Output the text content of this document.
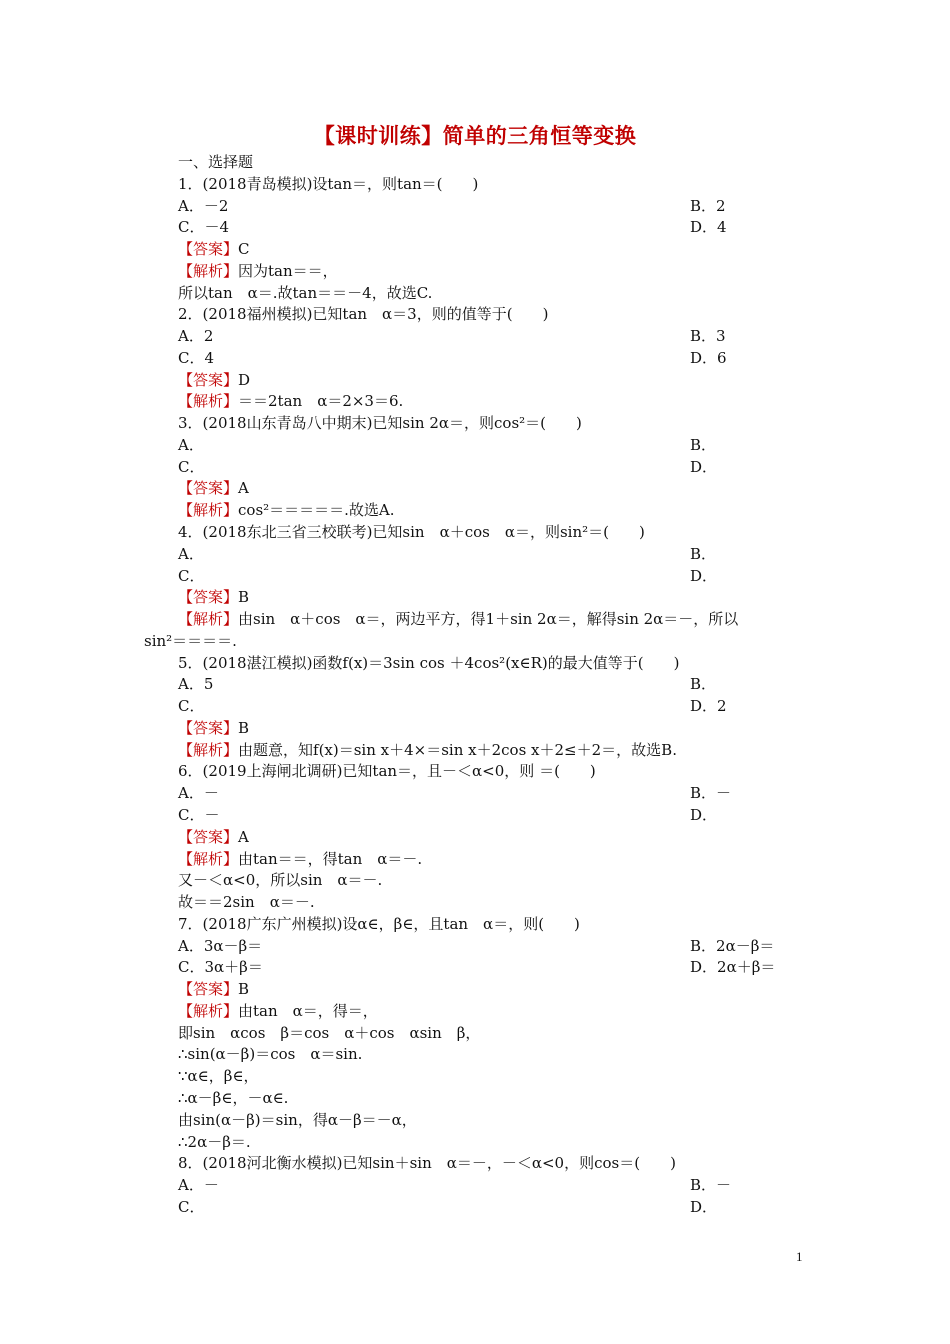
【课时训练】简单的三角恒等变换
一、选择题
1．(2018青岛模拟)设tan＝，则tan＝(　　)
A．－2	B．2
C．－4	D．4
【答案】C
【解析】因为tan＝＝，
所以tan　α＝.故tan＝＝－4，故选C.
2．(2018福州模拟)已知tan　α＝3，则的值等于(　　)
A．2	B．3
C．4	D．6
【答案】D
【解析】＝＝2tan　α＝2×3＝6.
3．(2018山东青岛八中期末)已知sin 2α＝，则cos²＝(　　)
A．	B．
C．	D．
【答案】A
【解析】cos²＝＝＝＝＝.故选A.
4．(2018东北三省三校联考)已知sin　α＋cos　α＝，则sin²＝(　　)
A．	B．
C．	D．
【答案】B
【解析】由sin　α＋cos　α＝，两边平方，得1＋sin 2α＝，解得sin 2α＝－，所以
sin²＝＝＝＝.
5．(2018湛江模拟)函数f(x)＝3sin cos ＋4cos²(x∈R)的最大值等于(　　)
A．5	B．
C．	D．2
【答案】B
【解析】由题意，知f(x)＝sin x＋4×＝sin x＋2cos x＋2≤＋2＝，故选B.
6．(2019上海闸北调研)已知tan＝，且－＜α<0，则 ＝(　　)
A．－	B．－
C．－	D．
【答案】A
【解析】由tan＝＝，得tan　α＝－.
又－＜α<0，所以sin　α＝－.
故＝＝2sin　α＝－.
7．(2018广东广州模拟)设α∈，β∈，且tan　α＝，则(　　)
A．3α－β＝	B．2α－β＝
C．3α＋β＝	D．2α＋β＝
【答案】B
【解析】由tan　α＝，得＝，
即sin　αcos　β＝cos　α＋cos　αsin　β，
∴sin(α－β)＝cos　α＝sin.
∵α∈，β∈，
∴α－β∈，－α∈.
由sin(α－β)＝sin，得α－β＝－α，
∴2α－β＝.
8．(2018河北衡水模拟)已知sin＋sin　α＝－，－＜α<0，则cos＝(　　)
A．－	B．－
C．	D．
1
